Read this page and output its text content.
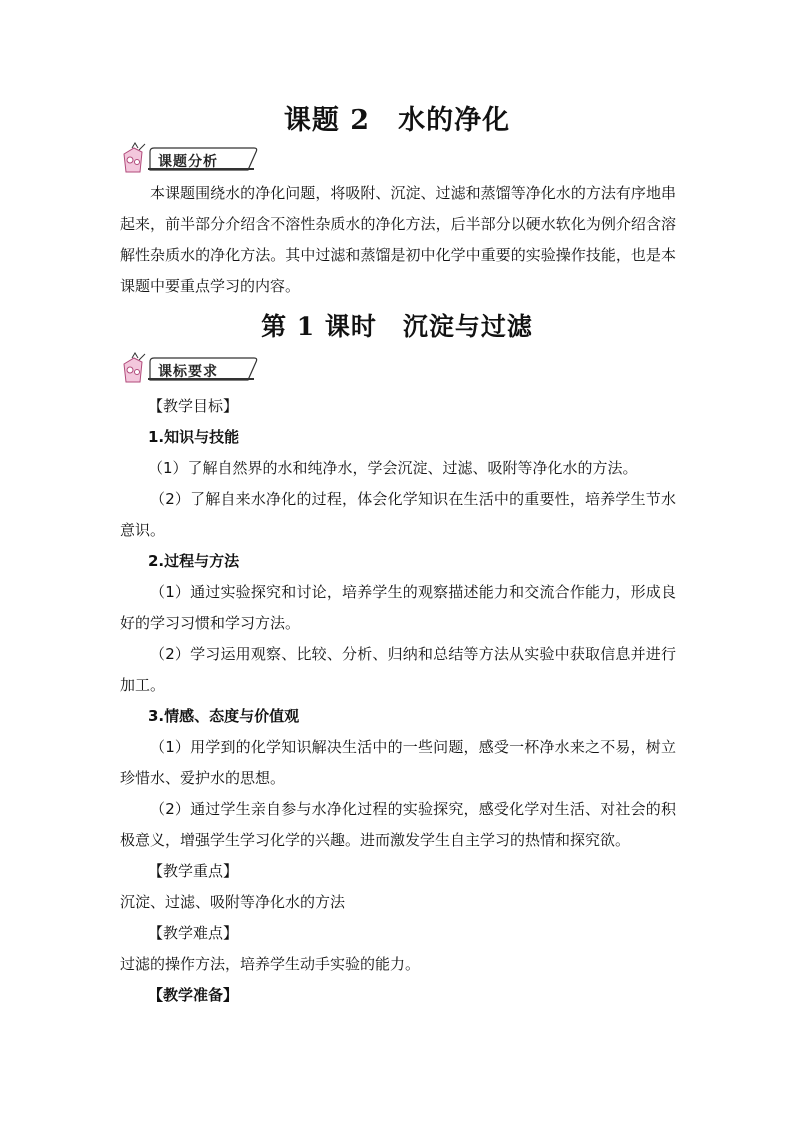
课题 2　水的净化
课题分析
本课题围绕水的净化问题，将吸附、沉淀、过滤和蒸馏等净化水的方法有序地串起来，前半部分介绍含不溶性杂质水的净化方法，后半部分以硬水软化为例介绍含溶解性杂质水的净化方法。其中过滤和蒸馏是初中化学中重要的实验操作技能，也是本课题中要重点学习的内容。
第 1 课时　沉淀与过滤
课标要求
【教学目标】
1.知识与技能
（1）了解自然界的水和纯净水，学会沉淀、过滤、吸附等净化水的方法。
（2）了解自来水净化的过程，体会化学知识在生活中的重要性，培养学生节水意识。
2.过程与方法
（1）通过实验探究和讨论，培养学生的观察描述能力和交流合作能力，形成良好的学习习惯和学习方法。
（2）学习运用观察、比较、分析、归纳和总结等方法从实验中获取信息并进行加工。
3.情感、态度与价值观
（1）用学到的化学知识解决生活中的一些问题，感受一杯净水来之不易，树立珍惜水、爱护水的思想。
（2）通过学生亲自参与水净化过程的实验探究，感受化学对生活、对社会的积极意义，增强学生学习化学的兴趣。进而激发学生自主学习的热情和探究欲。
【教学重点】
沉淀、过滤、吸附等净化水的方法
【教学难点】
过滤的操作方法，培养学生动手实验的能力。
【教学准备】
